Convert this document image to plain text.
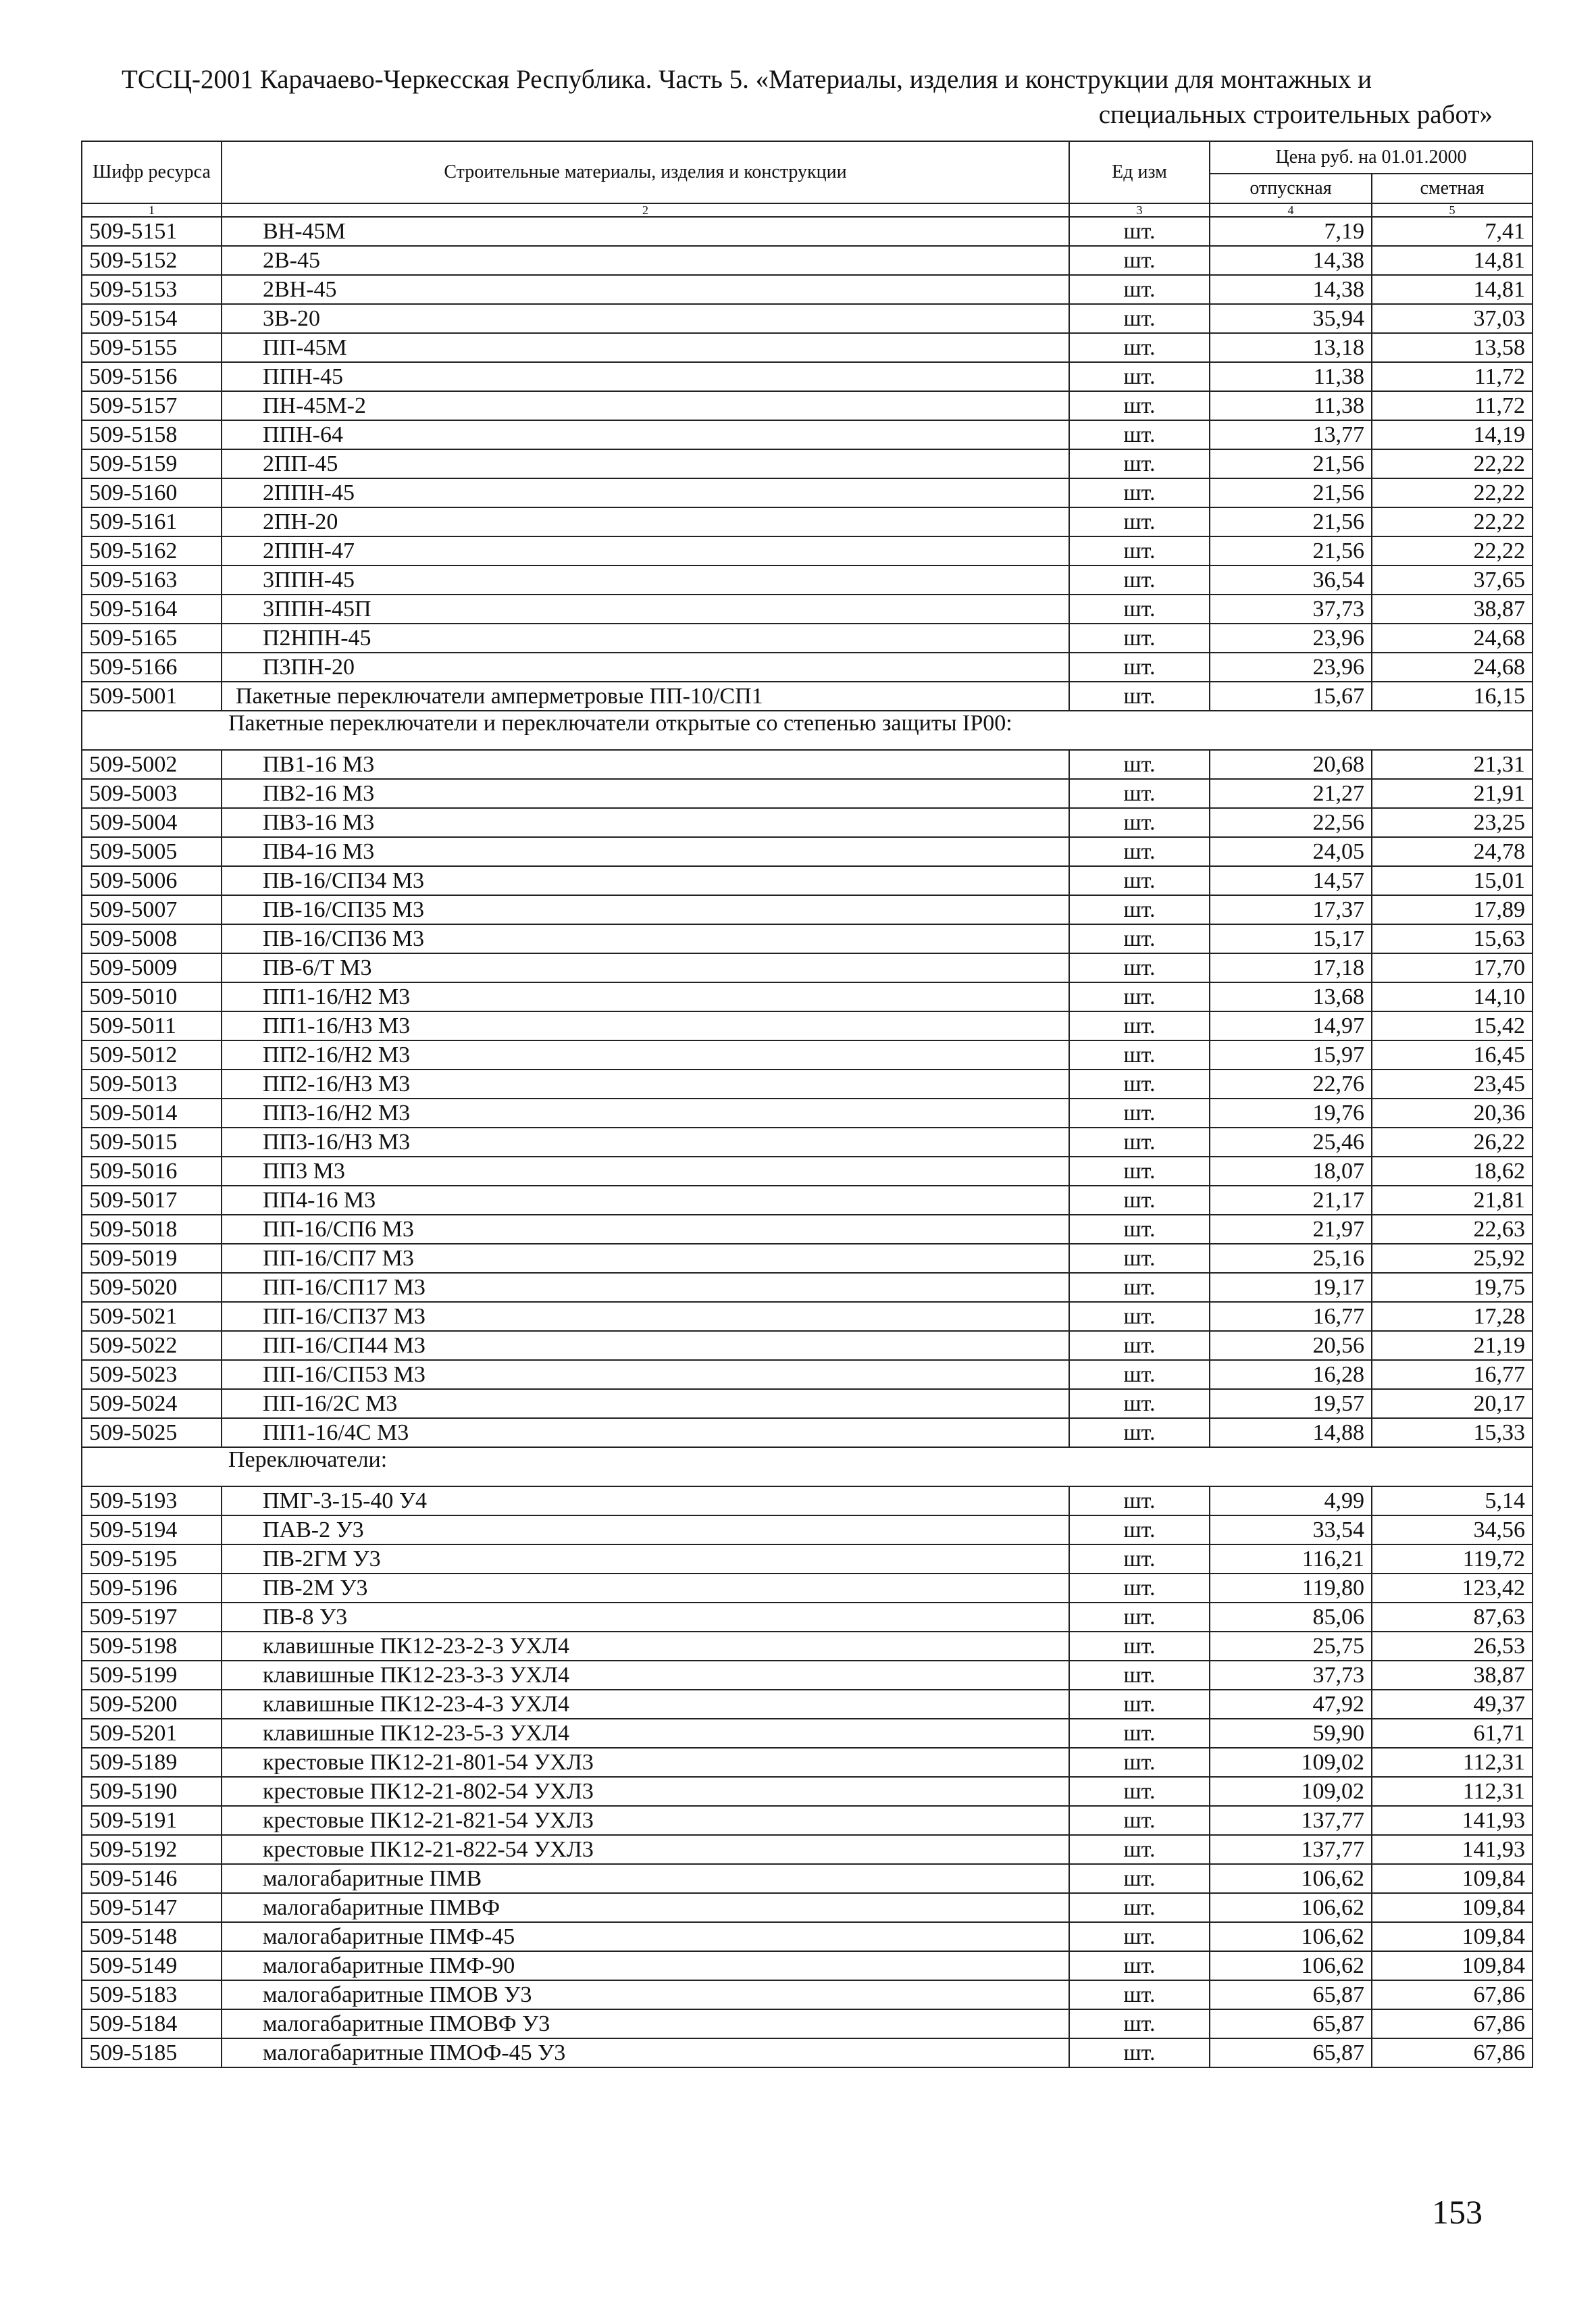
ТССЦ-2001 Карачаево-Черкесская Республика. Часть 5. «Материалы, изделия и конструкции для монтажных и
специальных строительных работ»
Шифр ресурса	Строительные материалы, изделия и конструкции	Ед изм	Цена руб. на 01.01.2000	
			отпускная	сметная
1	2	3	4	5
509-5151	ВН-45М	шт.	7,19	7,41
509-5152	2В-45	шт.	14,38	14,81
509-5153	2ВН-45	шт.	14,38	14,81
509-5154	3В-20	шт.	35,94	37,03
509-5155	ПП-45М	шт.	13,18	13,58
509-5156	ППН-45	шт.	11,38	11,72
509-5157	ПН-45М-2	шт.	11,38	11,72
509-5158	ППН-64	шт.	13,77	14,19
509-5159	2ПП-45	шт.	21,56	22,22
509-5160	2ППН-45	шт.	21,56	22,22
509-5161	2ПН-20	шт.	21,56	22,22
509-5162	2ППН-47	шт.	21,56	22,22
509-5163	3ППН-45	шт.	36,54	37,65
509-5164	3ППН-45П	шт.	37,73	38,87
509-5165	П2НПН-45	шт.	23,96	24,68
509-5166	П3ПН-20	шт.	23,96	24,68
509-5001	Пакетные переключатели амперметровые ПП-10/СП1	шт.	15,67	16,15
	Пакетные переключатели и переключатели открытые со степенью защиты IP00:			
509-5002	ПВ1-16 М3	шт.	20,68	21,31
509-5003	ПВ2-16 М3	шт.	21,27	21,91
509-5004	ПВ3-16 М3	шт.	22,56	23,25
509-5005	ПВ4-16 М3	шт.	24,05	24,78
509-5006	ПВ-16/СП34 М3	шт.	14,57	15,01
509-5007	ПВ-16/СП35 М3	шт.	17,37	17,89
509-5008	ПВ-16/СП36 М3	шт.	15,17	15,63
509-5009	ПВ-6/Т М3	шт.	17,18	17,70
509-5010	ПП1-16/Н2 М3	шт.	13,68	14,10
509-5011	ПП1-16/Н3 М3	шт.	14,97	15,42
509-5012	ПП2-16/Н2 М3	шт.	15,97	16,45
509-5013	ПП2-16/Н3 М3	шт.	22,76	23,45
509-5014	ПП3-16/Н2 М3	шт.	19,76	20,36
509-5015	ПП3-16/Н3 М3	шт.	25,46	26,22
509-5016	ПП3 М3	шт.	18,07	18,62
509-5017	ПП4-16 М3	шт.	21,17	21,81
509-5018	ПП-16/СП6 М3	шт.	21,97	22,63
509-5019	ПП-16/СП7 М3	шт.	25,16	25,92
509-5020	ПП-16/СП17 М3	шт.	19,17	19,75
509-5021	ПП-16/СП37 М3	шт.	16,77	17,28
509-5022	ПП-16/СП44 М3	шт.	20,56	21,19
509-5023	ПП-16/СП53 М3	шт.	16,28	16,77
509-5024	ПП-16/2С М3	шт.	19,57	20,17
509-5025	ПП1-16/4С М3	шт.	14,88	15,33
	Переключатели:			
509-5193	ПМГ-3-15-40 У4	шт.	4,99	5,14
509-5194	ПАВ-2 У3	шт.	33,54	34,56
509-5195	ПВ-2ГМ У3	шт.	116,21	119,72
509-5196	ПВ-2М У3	шт.	119,80	123,42
509-5197	ПВ-8 У3	шт.	85,06	87,63
509-5198	клавишные ПК12-23-2-3 УХЛ4	шт.	25,75	26,53
509-5199	клавишные ПК12-23-3-3 УХЛ4	шт.	37,73	38,87
509-5200	клавишные ПК12-23-4-3 УХЛ4	шт.	47,92	49,37
509-5201	клавишные ПК12-23-5-3 УХЛ4	шт.	59,90	61,71
509-5189	крестовые ПК12-21-801-54 УХЛ3	шт.	109,02	112,31
509-5190	крестовые ПК12-21-802-54 УХЛ3	шт.	109,02	112,31
509-5191	крестовые ПК12-21-821-54 УХЛ3	шт.	137,77	141,93
509-5192	крестовые ПК12-21-822-54 УХЛ3	шт.	137,77	141,93
509-5146	малогабаритные ПМВ	шт.	106,62	109,84
509-5147	малогабаритные ПМВФ	шт.	106,62	109,84
509-5148	малогабаритные ПМФ-45	шт.	106,62	109,84
509-5149	малогабаритные ПМФ-90	шт.	106,62	109,84
509-5183	малогабаритные ПМОВ У3	шт.	65,87	67,86
509-5184	малогабаритные ПМОВФ У3	шт.	65,87	67,86
509-5185	малогабаритные ПМОФ-45 У3	шт.	65,87	67,86
153
